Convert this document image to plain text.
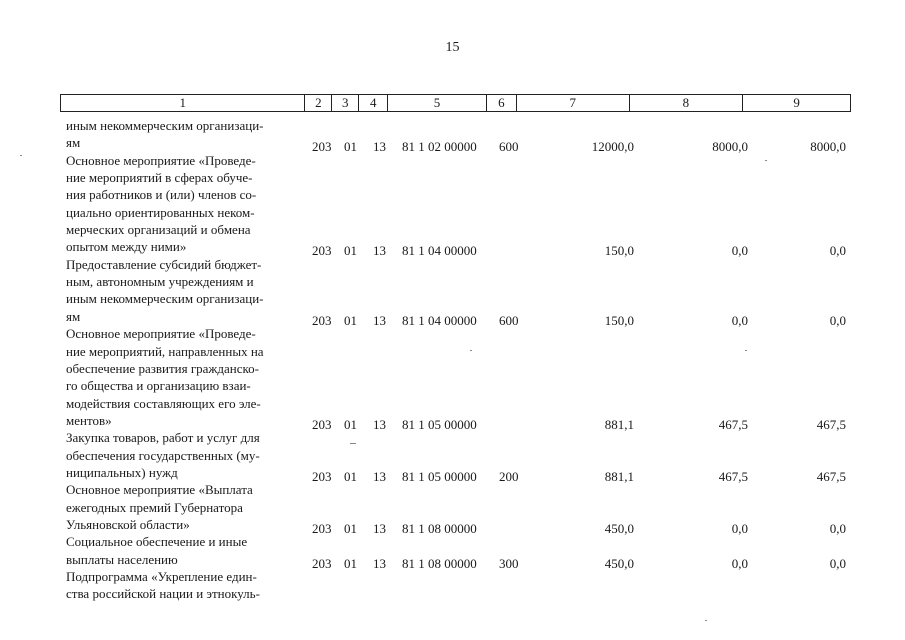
15
1	2	3	4	5	6	7	8	9
иным некоммерческим организаци-
ям	203 01 13 81 1 02 00000 600	12000,0	8000,0	8000,0
Основное мероприятие «Проведе-
ние мероприятий в сферах обуче-
ния работников и (или) членов со-
циально ориентированных неком-
мерческих организаций и обмена
опытом между ними»	203 01 13 81 1 04 00000	150,0	0,0	0,0
Предоставление субсидий бюджет-
ным, автономным учреждениям и
иным некоммерческим организаци-
ям	203 01 13 81 1 04 00000 600	150,0	0,0	0,0
Основное мероприятие «Проведе-
ние мероприятий, направленных на
обеспечение развития гражданско-
го общества и организацию взаи-
модействия составляющих его эле-
ментов»	203 01 13 81 1 05 00000	881,1	467,5	467,5
Закупка товаров, работ и услуг для
обеспечения государственных (му-
ниципальных) нужд	203 01 13 81 1 05 00000 200	881,1	467,5	467,5
Основное мероприятие «Выплата
ежегодных премий Губернатора
Ульяновской области»	203 01 13 81 1 08 00000	450,0	0,0	0,0
Социальное обеспечение и иные
выплаты населению	203 01 13 81 1 08 00000 300	450,0	0,0	0,0
Подпрограмма «Укрепление един-
ства российской нации и этнокуль-
